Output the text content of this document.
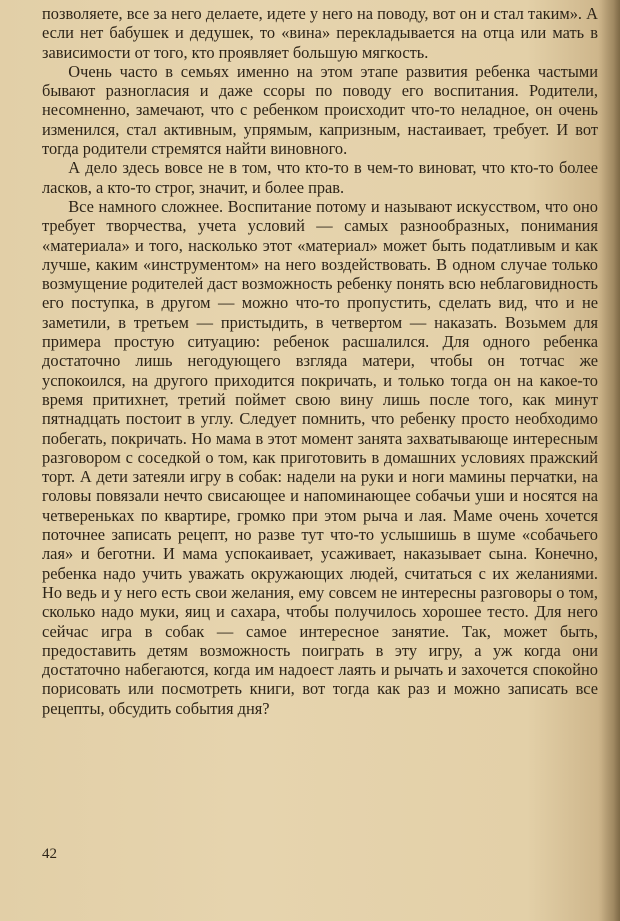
позволяете, все за него делаете, идете у него на поводу, вот он и стал таким». А если нет бабушек и дедушек, то «вина» перекладывается на отца или мать в зависимости от того, кто проявляет большую мягкость.

Очень часто в семьях именно на этом этапе развития ребенка частыми бывают разногласия и даже ссоры по поводу его воспитания. Родители, несомненно, замечают, что с ребенком происходит что-то неладное, он очень изменился, стал активным, упрямым, капризным, настаивает, требует. И вот тогда родители стремятся найти виновного.

А дело здесь вовсе не в том, что кто-то в чем-то виноват, что кто-то более ласков, а кто-то строг, значит, и более прав.

Все намного сложнее. Воспитание потому и называют искусством, что оно требует творчества, учета условий — самых разнообразных, понимания «материала» и того, насколько этот «материал» может быть податливым и как лучше, каким «инструментом» на него воздействовать. В одном случае только возмущение родителей даст возможность ребенку понять всю неблаговидность его поступка, в другом — можно что-то пропустить, сделать вид, что и не заметили, в третьем — пристыдить, в четвертом — наказать. Возьмем для примера простую ситуацию: ребенок расшалился. Для одного ребенка достаточно лишь негодующего взгляда матери, чтобы он тотчас же успокоился, на другого приходится покричать, и только тогда он на какое-то время притихнет, третий поймет свою вину лишь после того, как минут пятнадцать постоит в углу. Следует помнить, что ребенку просто необходимо побегать, покричать. Но мама в этот момент занята захватывающе интересным разговором с соседкой о том, как приготовить в домашних условиях пражский торт. А дети затеяли игру в собак: надели на руки и ноги мамины перчатки, на головы повязали нечто свисающее и напоминающее собачьи уши и носятся на четвереньках по квартире, громко при этом рыча и лая. Маме очень хочется поточнее записать рецепт, но разве тут что-то услышишь в шуме «собачьего лая» и беготни. И мама успокаивает, усаживает, наказывает сына. Конечно, ребенка надо учить уважать окружающих людей, считаться с их желаниями. Но ведь и у него есть свои желания, ему совсем не интересны разговоры о том, сколько надо муки, яиц и сахара, чтобы получилось хорошее тесто. Для него сейчас игра в собак — самое интересное занятие. Так, может быть, предоставить детям возможность поиграть в эту игру, а уж когда они достаточно набегаются, когда им надоест лаять и рычать и захочется спокойно порисовать или посмотреть книги, вот тогда как раз и можно записать все рецепты, обсудить события дня?

42
